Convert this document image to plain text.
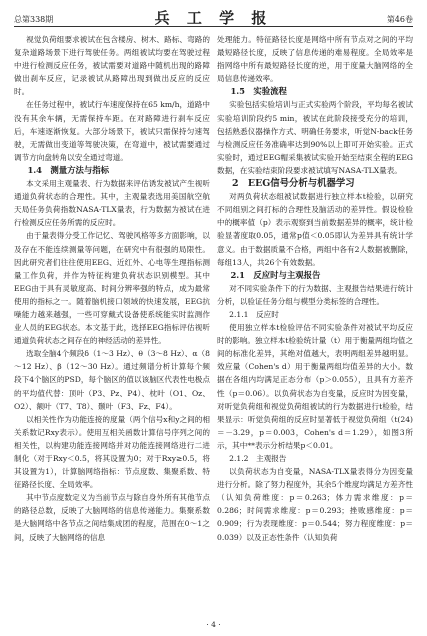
总第338期	兵 工 学 报	第46卷

视觉负荷组要求被试在包含楼房、树木、路标、弯路的复杂道路场景下进行驾驶任务。两组被试均要在驾驶过程中进行检测反应任务，被试需要对道路中随机出现的路障做出刹车反应，记录被试从路障出现到做出反应的反应时。

在任务过程中，被试行车速度保持在65 km/h，道路中没有其余车辆，无需保持车距。在对路障进行刹车反应后，车速逐渐恢复。大部分场景下，被试只需保持匀速驾驶，无需做出变道等驾驶决策，在弯道中，被试需要通过调节方向盘转角以安全通过弯道。

1.4　测量方法与指标

本文采用主观量表、行为数据来评估诱发被试产生视听通道负荷状态的合理性。其中，主观量表选用美国航空航天局任务负荷指数NASA-TLX量表，行为数据为被试在进行检测反应任务所需的反应时。

由于量表得分受工作记忆、驾驶风格等多方面影响，以及存在不能连续测量等问题，在研究中有很强的局限性。因此研究者们往往使用EEG、近红外、心电等生理指标测量工作负荷，并作为特征构建负荷状态识别模型。其中EEG由于具有灵敏度高、时间分辨率强的特点，成为最常使用的指标之一。随着脑机接口领域的快速发展，EEG抗噪能力越来越强，一些可穿戴式设备使系统能实时监测作业人员的EEG状态。本文基于此，选择EEG指标评估视听通道负荷状态之间存在的神经活动的差异性。

选取全脑4个频段δ（1～3 Hz）、θ（3～8 Hz）、α（8～12 Hz）、β（12～30 Hz）。通过频谱分析计算每个频段下4个脑区的PSD，每个脑区的值以该脑区代表性电极点的平均值代替：顶叶（P3、Pz、P4）、枕叶（O1、Oz、O2）、额叶（T7、T8）、颞叶（F3、Fz、F4）。

以相关性作为功能连接的度量（两个信号x和y之间的相关系数记Rxy表示）。使用互相关函数计算信号序列之间的相关性，以构建功能连接网络并对功能连接网络进行二进制化（对于Rxy＜0.5，将其设置为0；对于Rxy≥0.5，将其设置为1），计算脑网络指标：节点度数、集聚系数、特征路径长度、全局效率。

其中节点度数定义为当前节点与除自身外所有其他节点的路径总数，反映了大脑网络的信息传递能力。集聚系数是大脑网络中各节点之间结集成团的程度，范围在0～1之间，反映了大脑网络的信息

处理能力。特征路径长度是网络中所有节点对之间的平均最短路径长度，反映了信息传递的难易程度。全局效率是指网络中所有最短路径长度的逆，用于度量大脑网络的全局信息传递效率。

1.5　实验流程

实验包括实验培训与正式实验两个阶段，平均每名被试实验培训阶段约5 min，被试在此阶段接受充分的培训，包括熟悉仪器操作方式、明确任务要求，听觉N-back任务与检测反应任务准确率达到90%以上即可开始实验。正式实验时，通过EEG帽采集被试实验开始至结束全程的EEG数据，在实验结束阶段要求被试填写NASA-TLX量表。

2　EEG信号分析与机器学习

对两负荷状态组被试数据进行独立样本t检验，以研究不同组别之间打标的合理性及脑活动的差异性。假设检验中的概率值（p）表示观察到当前数据差异的概率，统计检验显著度取0.05，通常p值＜0.05即认为差异具有统计学意义。由于数据质量不合格，两组中各有2人数据被删除，每组13人，共26个有效数据。

2.1　反应时与主观报告

对不同实验条件下的行为数据、主观报告结果进行统计分析，以验证任务分组与模型分类标签的合理性。

2.1.1　反应时

使用独立样本t检验评估不同实验条件对被试平均反应时的影响。独立样本t检验统计量（t）用于衡量两组均值之间的标准化差异，其绝对值越大，表明两组差异越明显。效应量（Cohen's d）用于衡量两组均值差异的大小。数据在各组内均满足正态分布（p＞0.055），且具有方差齐性（p＝0.06）。以负荷状态为自变量，反应时为因变量，对听觉负荷组和视觉负荷组被试的行为数据进行t检验，结果显示：听觉负荷组的反应时显著低于视觉负荷组（t(24)＝－3.29，p＝0.003，Cohen's d＝1.29），如图3所示，其中**表示分析结果p＜0.01。

2.1.2　主观报告

以负荷状态为自变量，NASA-TLX量表得分为因变量进行分析。除了努力程度外，其余5个维度均满足方差齐性（认知负荷维度：p＝0.263；体力需求维度：p＝0.286；时间需求维度：p＝0.293；挫败感维度：p＝0.909；行为表现维度：p＝0.544；努力程度维度：p＝0.039）以及正态性条件（认知负荷

· 4 ·
